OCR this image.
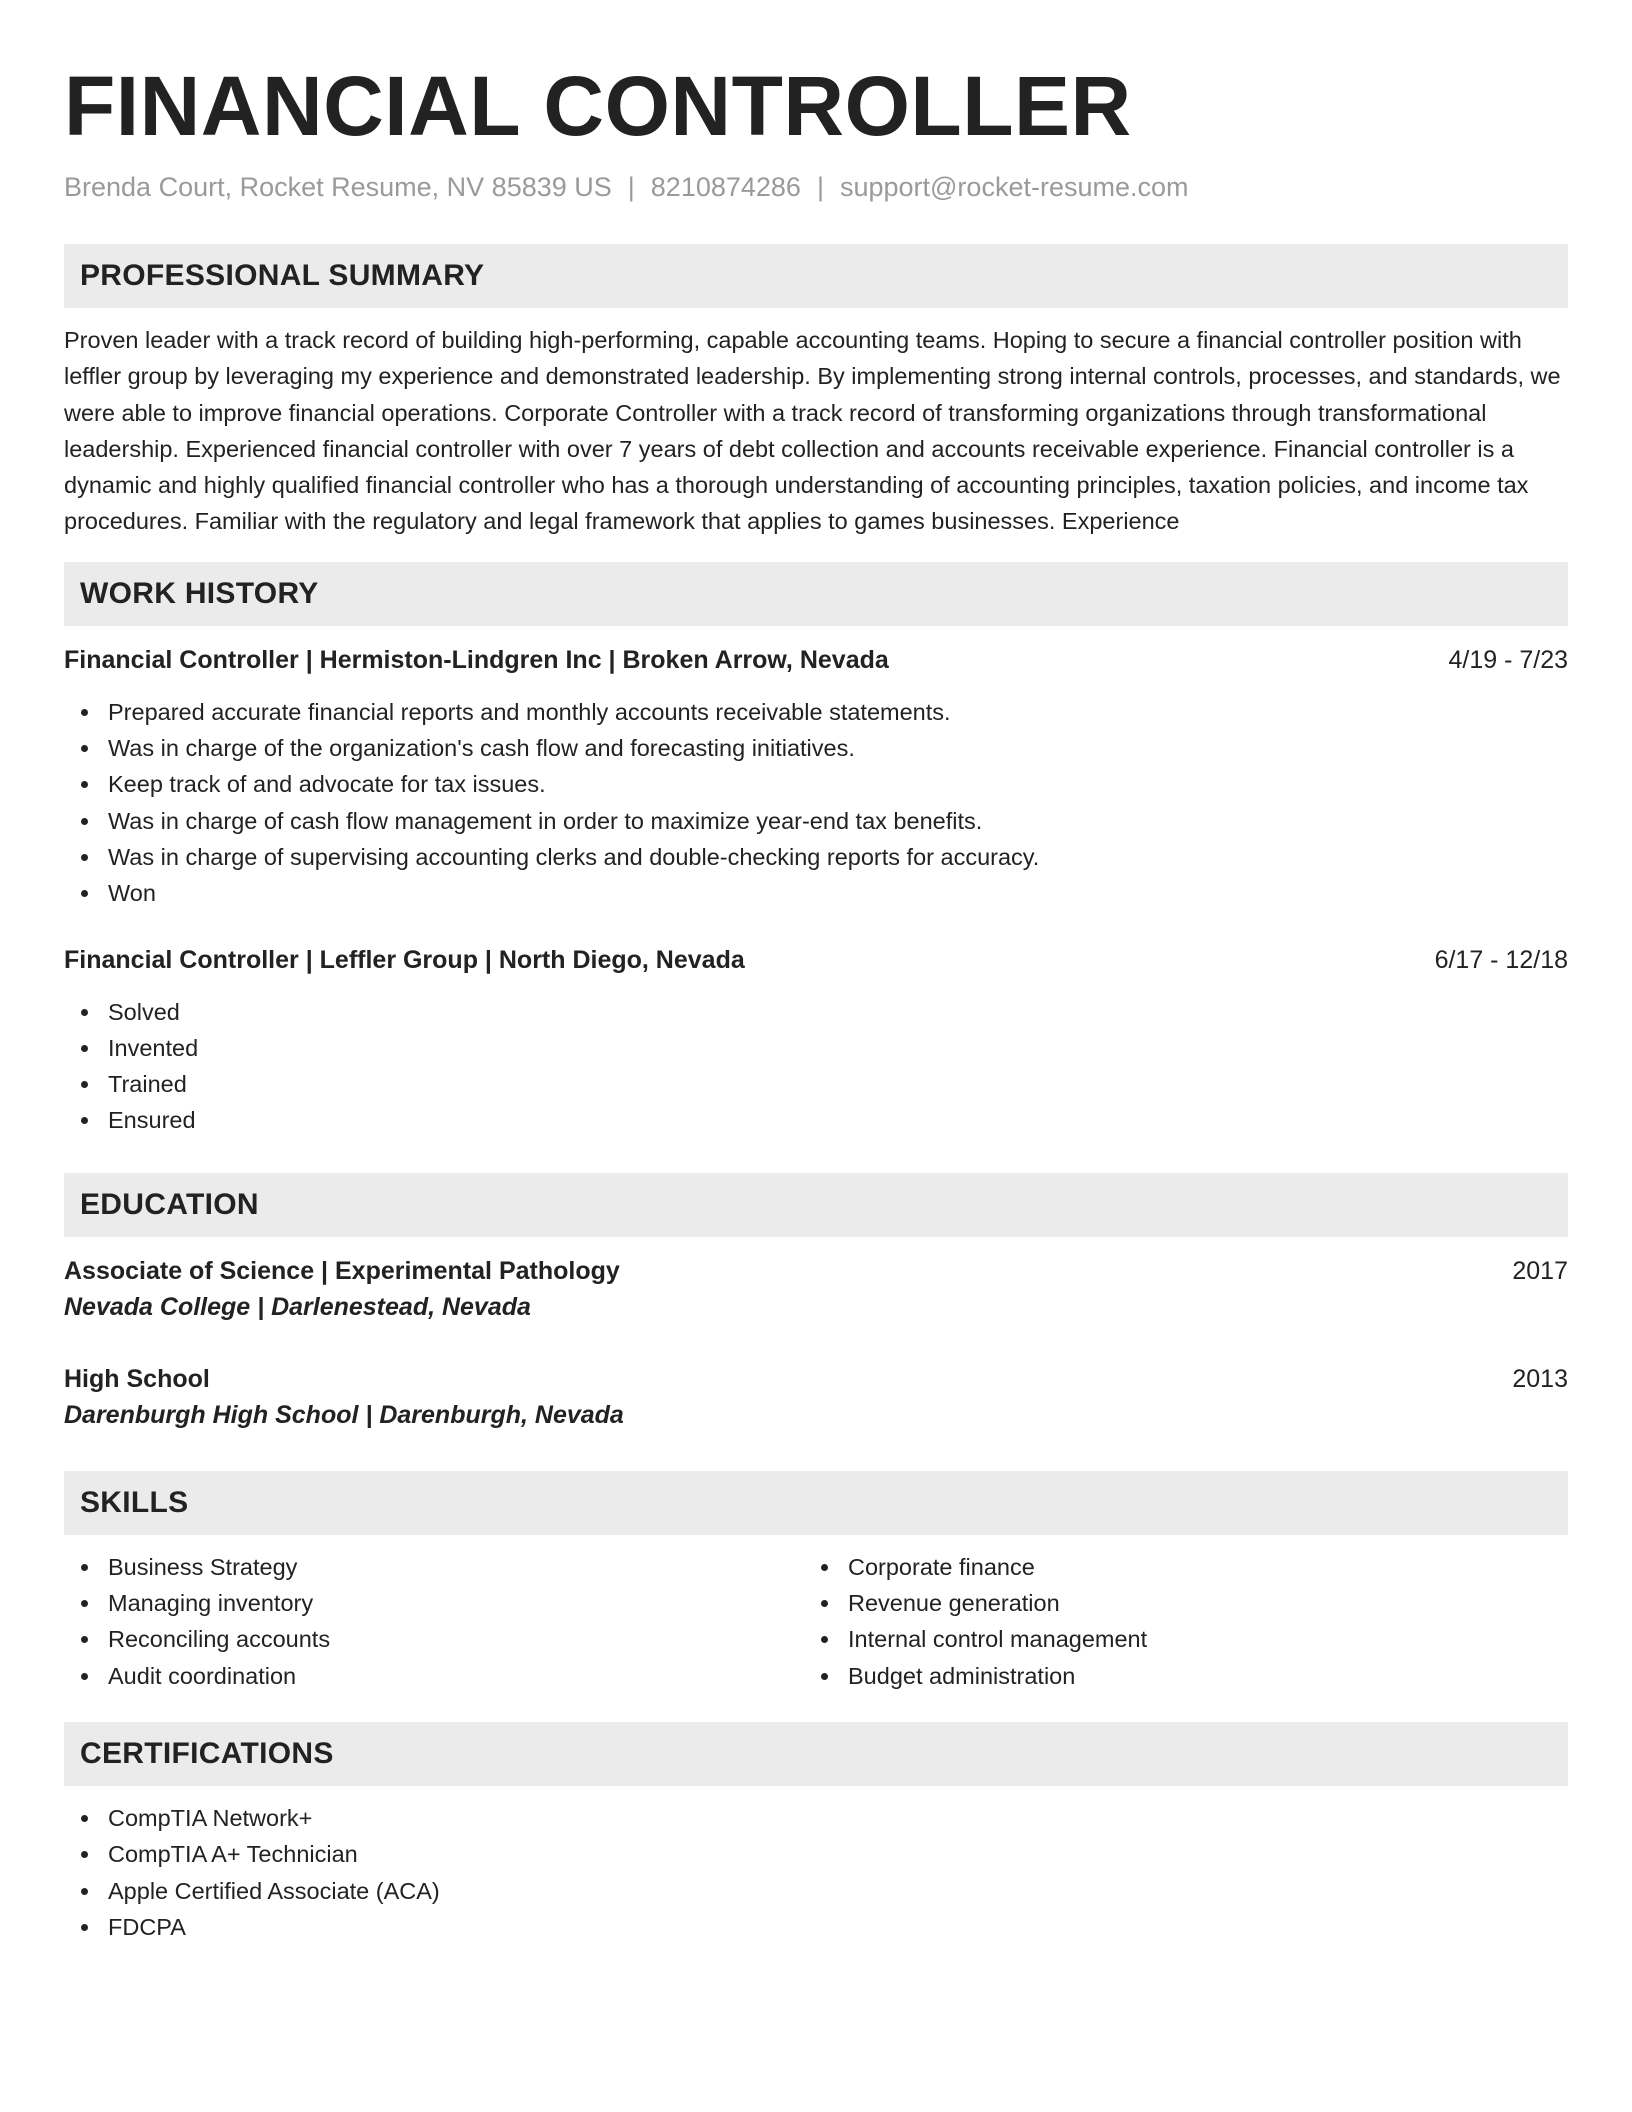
FINANCIAL CONTROLLER
Brenda Court, Rocket Resume, NV 85839 US | 8210874286 | support@rocket-resume.com
PROFESSIONAL SUMMARY

Proven leader with a track record of building high-performing, capable accounting teams. Hoping to secure a financial controller position with leffler group by leveraging my experience and demonstrated leadership. By implementing strong internal controls, processes, and standards, we were able to improve financial operations. Corporate Controller with a track record of transforming organizations through transformational leadership. Experienced financial controller with over 7 years of debt collection and accounts receivable experience. Financial controller is a dynamic and highly qualified financial controller who has a thorough understanding of accounting principles, taxation policies, and income tax procedures. Familiar with the regulatory and legal framework that applies to games businesses. Experience

WORK HISTORY
Financial Controller | Hermiston-Lindgren Inc | Broken Arrow, Nevada	4/19 - 7/23
Prepared accurate financial reports and monthly accounts receivable statements.
Was in charge of the organization's cash flow and forecasting initiatives.
Keep track of and advocate for tax issues.
Was in charge of cash flow management in order to maximize year-end tax benefits.
Was in charge of supervising accounting clerks and double-checking reports for accuracy.
Won
Financial Controller | Leffler Group | North Diego, Nevada	6/17 - 12/18
Solved
Invented
Trained
Ensured
EDUCATION
Associate of Science | Experimental Pathology	2017
Nevada College | Darlenestead, Nevada
High School	2013
Darenburgh High School | Darenburgh, Nevada
SKILLS
Business Strategy
Managing inventory
Reconciling accounts
Audit coordination
Corporate finance
Revenue generation
Internal control management
Budget administration
CERTIFICATIONS
CompTIA Network+
CompTIA A+ Technician
Apple Certified Associate (ACA)
FDCPA
